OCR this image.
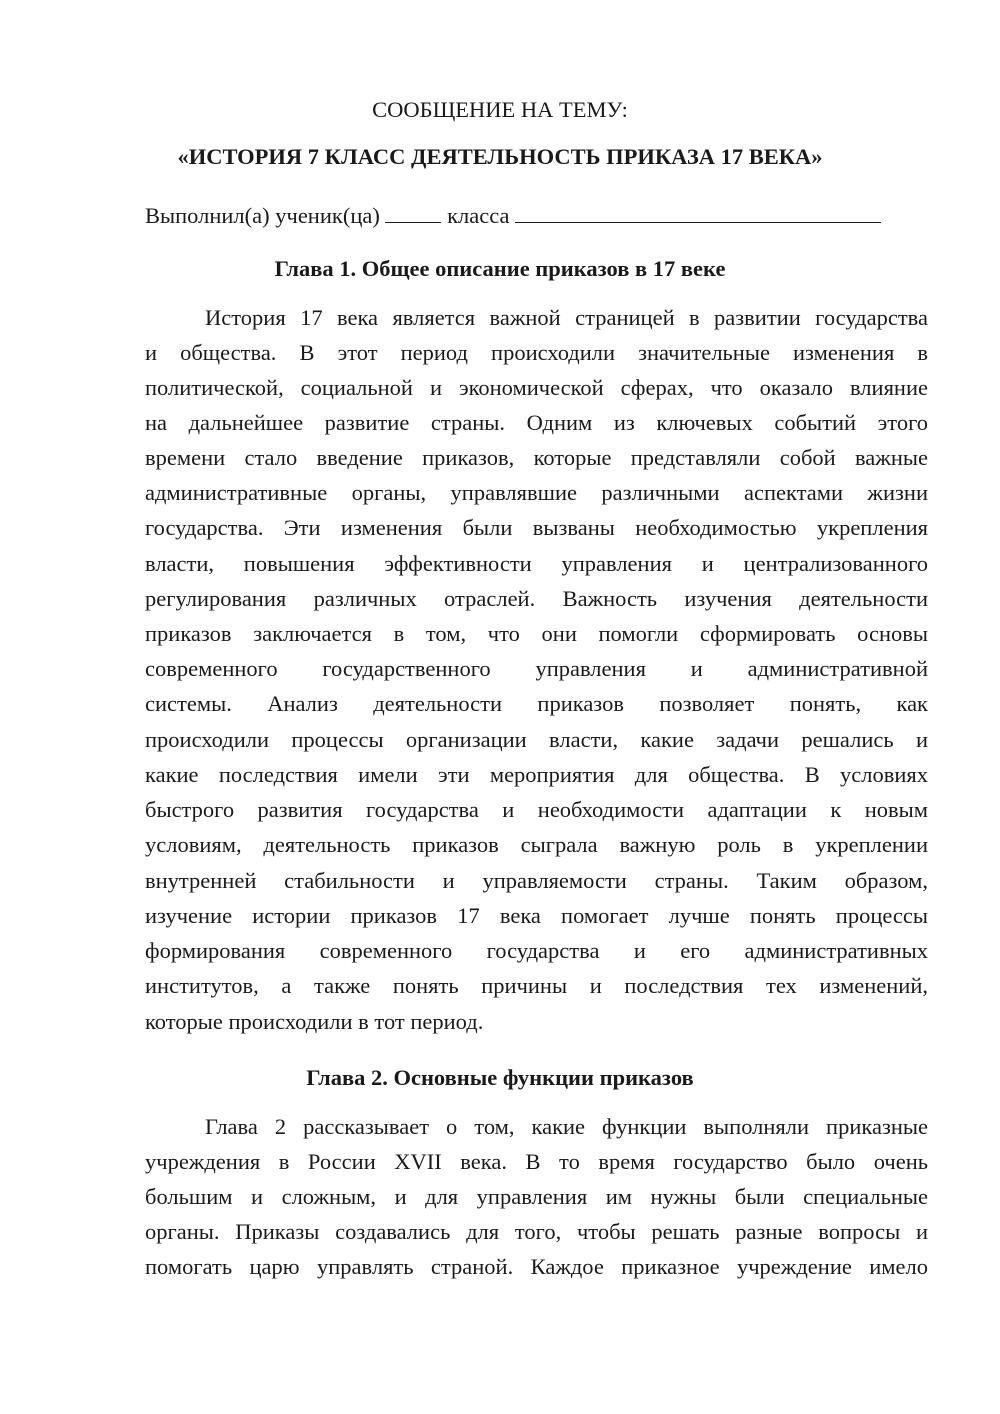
СООБЩЕНИЕ НА ТЕМУ:
«ИСТОРИЯ 7 КЛАСС ДЕЯТЕЛЬНОСТЬ ПРИКАЗА 17 ВЕКА»
Выполнил(а) ученик(ца)	класса
Глава 1. Общее описание приказов в 17 веке
История 17 века является важной страницей в развитии государства
и общества. В этот период происходили значительные изменения в
политической, социальной и экономической сферах, что оказало влияние
на дальнейшее развитие страны. Одним из ключевых событий этого
времени стало введение приказов, которые представляли собой важные
административные органы, управлявшие различными аспектами жизни
государства. Эти изменения были вызваны необходимостью укрепления
власти, повышения эффективности управления и централизованного
регулирования различных отраслей. Важность изучения деятельности
приказов заключается в том, что они помогли сформировать основы
современного государственного управления и административной
системы. Анализ деятельности приказов позволяет понять, как
происходили процессы организации власти, какие задачи решались и
какие последствия имели эти мероприятия для общества. В условиях
быстрого развития государства и необходимости адаптации к новым
условиям, деятельность приказов сыграла важную роль в укреплении
внутренней стабильности и управляемости страны. Таким образом,
изучение истории приказов 17 века помогает лучше понять процессы
формирования современного государства и его административных
институтов, а также понять причины и последствия тех изменений,
которые происходили в тот период.
Глава 2. Основные функции приказов
Глава 2 рассказывает о том, какие функции выполняли приказные
учреждения в России XVII века. В то время государство было очень
большим и сложным, и для управления им нужны были специальные
органы. Приказы создавались для того, чтобы решать разные вопросы и
помогать царю управлять страной. Каждое приказное учреждение имело
